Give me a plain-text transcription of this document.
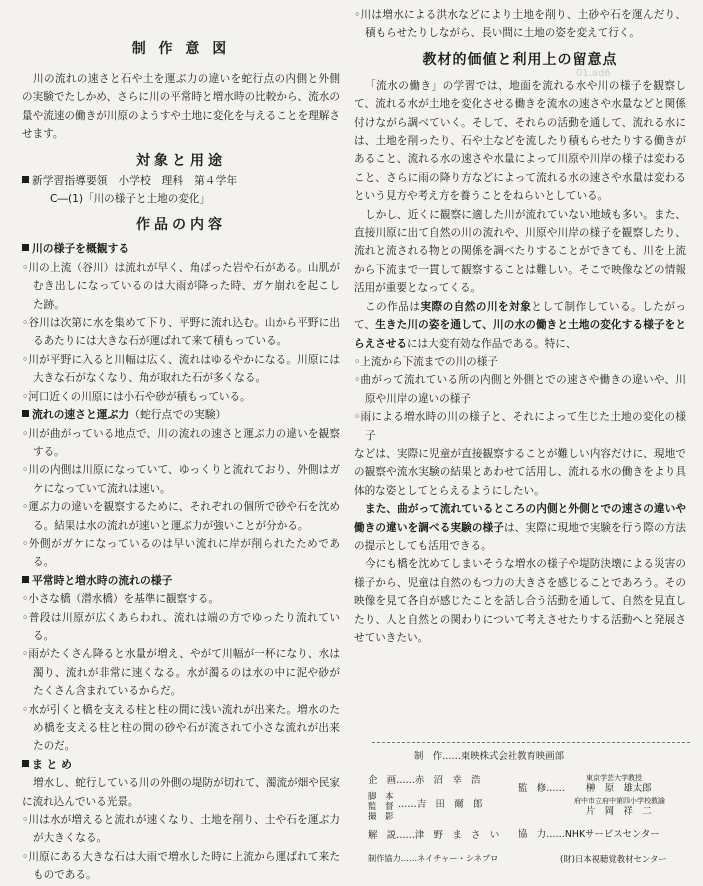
制 作 意 図

川の流れの速さと石や土を運ぶ力の違いを蛇行点の内側と外側の実験でたしかめ、さらに川の平常時と増水時の比較から、流水の量や流速の働きが川原のようすや土地に変化を与えることを理解させます。

対象と用途

新学習指導要領　小学校　理科　第４学年

C―(1)「川の様子と土地の変化」

作品の内容

川の様子を概観する

◦川の上流（谷川）は流れが早く、角ばった岩や石がある。山肌がむき出しになっているのは大雨が降った時、ガケ崩れを起こした跡。

◦谷川は次第に水を集めて下り、平野に流れ込む。山から平野に出るあたりには大きな石が運ばれて来て積もっている。

◦川が平野に入ると川幅は広く、流れはゆるやかになる。川原には大きな石がなくなり、角が取れた石が多くなる。

◦河口近くの川原には小石や砂が積もっている。

流れの速さと運ぶ力（蛇行点での実験）

◦川が曲がっている地点で、川の流れの速さと運ぶ力の違いを観察する。

◦川の内側は川原になっていて、ゆっくりと流れており、外側はガケになっていて流れは速い。

◦運ぶ力の違いを観察するために、それぞれの個所で砂や石を沈める。結果は水の流れが速いと運ぶ力が強いことが分かる。

◦外側がガケになっているのは早い流れに岸が削られたためである。

平常時と増水時の流れの様子

◦小さな橋（潜水橋）を基準に観察する。

◦普段は川原が広くあらわれ、流れは端の方でゆったり流れている。

◦雨がたくさん降ると水量が増え、やがて川幅が一杯になり、水は濁り、流れが非常に速くなる。水が濁るのは水の中に泥や砂がたくさん含まれているからだ。

◦水が引くと橋を支える柱と柱の間に浅い流れが出来た。増水のため橋を支える柱と柱の間の砂や石が流されて小さな流れが出来たのだ。

ま と め

増水し、蛇行している川の外側の堤防が切れて、濁流が畑や民家に流れ込んでいる光景。

◦川は水が増えると流れが速くなり、土地を削り、土や石を運ぶ力が大きくなる。

◦川原にある大きな石は大雨で増水した時に上流から運ばれて来たものである。

◦川は増水による洪水などにより土地を削り、土砂や石を運んだり、積もらせたりしながら、長い間に土地の姿を変えて行く。

教材的価値と利用上の留意点

「流水の働き」の学習では、地面を流れる水や川の様子を観察して、流れる水が土地を変化させる働きを流水の速さや水量などと関係付けながら調べていく。そして、それらの活動を通して、流れる水には、土地を削ったり、石や土などを流したり積もらせたりする働きがあること、流れる水の速さや水量によって川原や川岸の様子は変わること、さらに雨の降り方などによって流れる水の速さや水量は変わるという見方や考え方を養うことをねらいとしている。

しかし、近くに観察に適した川が流れていない地域も多い。また、直接川原に出て自然の川の流れや、川原や川岸の様子を観察したり、流れと流される物との関係を調べたりすることができても、川を上流から下流まで一貫して観察することは難しい。そこで映像などの情報活用が重要となってくる。

この作品は実際の自然の川を対象として制作している。したがって、生きた川の姿を通して、川の水の働きと土地の変化する様子をとらえさせるには大変有効な作品である。特に、

◦上流から下流までの川の様子

◦曲がって流れている所の内側と外側とでの速さや働きの違いや、川原や川岸の違いの様子

◦雨による増水時の川の様子と、それによって生じた土地の変化の様子

などは、実際に児童が直接観察することが難しい内容だけに、現地での観察や流水実験の結果とあわせて活用し、流れる水の働きをより具体的な姿としてとらえるようにしたい。

また、曲がって流れているところの内側と外側とでの速さの違いや働きの違いを調べる実験の様子は、実際に現地で実験を行う際の方法の提示としても活用できる。

今にも橋を沈めてしまいそうな増水の様子や堤防決壊による災害の様子から、児童は自然のもつ力の大きさを感じることであろう。その映像を見て各自が感じたことを話し合う活動を通して、自然を見直したり、人と自然との関わりについて考えさせたりする活動へと発展させていきたい。

01.ad6
制　作……東映株式会社教育映画部
企　画……赤　沼　幸　浩
脚　本
監　督
撮　影
……吉　田　爾　郎
解　説……津　野　ま　さ　い
制作協力……ネイチャー・シネプロ
監　修……
東京学芸大学教授
榊　原　雄太郎
府中市立府中第四小学校教諭
片　岡　祥　二
協　力……NHKサービスセンター
(財)日本視聴覚教材センター
